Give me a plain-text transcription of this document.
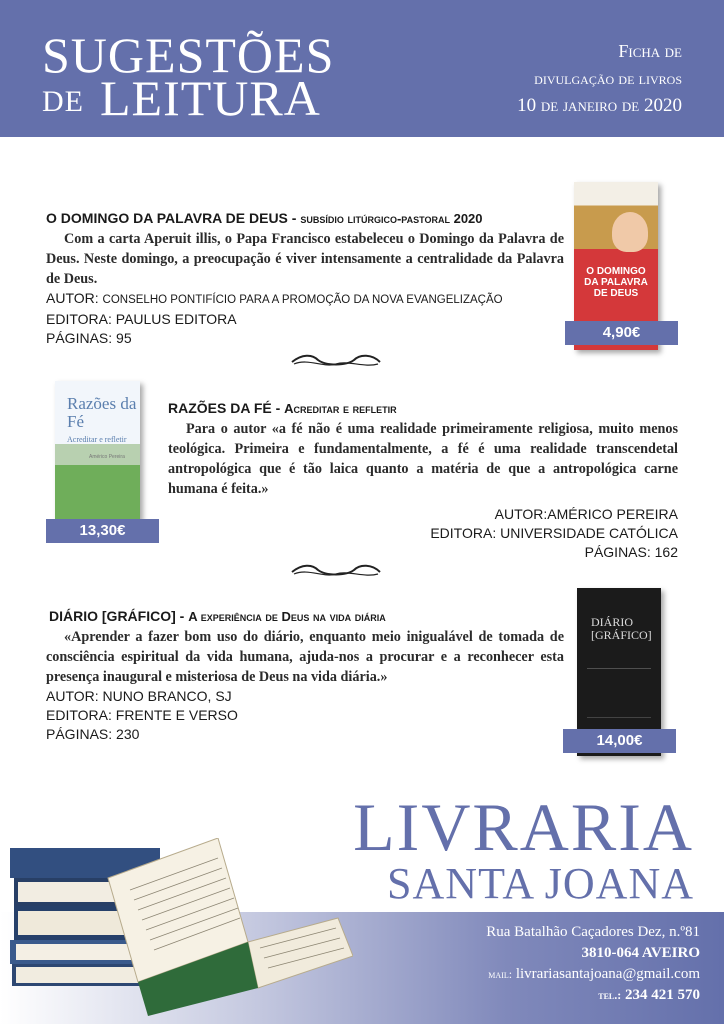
SUGESTÕES
DE LEITURA
Ficha de
divulgação de livros
10 de janeiro de 2020
O DOMINGO DA PALAVRA DE DEUS - subsídio litúrgico-pastoral 2020
Com a carta Aperuit illis, o Papa Francisco estabeleceu o Domingo da Palavra de Deus. Neste domingo, a preocupação é viver intensamente a centralidade da Palavra de Deus.
AUTOR: CONSELHO PONTIFÍCIO PARA A PROMOÇÃO DA NOVA EVANGELIZAÇÃO
EDITORA: PAULUS EDITORA
PÁGINAS: 95
O DOMINGO DA PALAVRA DE DEUS
4,90€
Razões da Fé
Acreditar e refletir
Américo Pereira
13,30€
RAZÕES DA FÉ - Acreditar e refletir
Para o autor «a fé não é uma realidade primeiramente religiosa, muito menos teológica. Primeira e fundamentalmente, a fé é uma realidade transcendetal antropológica que é tão laica quanto a matéria de que a antropológica carne humana é feita.»
AUTOR:AMÉRICO PEREIRA
EDITORA: UNIVERSIDADE CATÓLICA
PÁGINAS: 162
DIÁRIO [GRÁFICO] - A experiência de Deus na vida diária
«Aprender a fazer bom uso do diário, enquanto meio inigualável de tomada de consciência espiritual da vida humana, ajuda-nos a procurar e a reconhecer esta presença inaugural e misteriosa de Deus na vida diária.»
AUTOR: NUNO BRANCO, SJ
EDITORA: FRENTE E VERSO
PÁGINAS: 230
DIÁRIO [GRÁFICO]
14,00€
LIVRARIA
SANTA JOANA
Rua Batalhão Caçadores Dez, n.º81
3810-064 AVEIRO
mail: livrariasantajoana@gmail.com
tel.: 234 421 570
